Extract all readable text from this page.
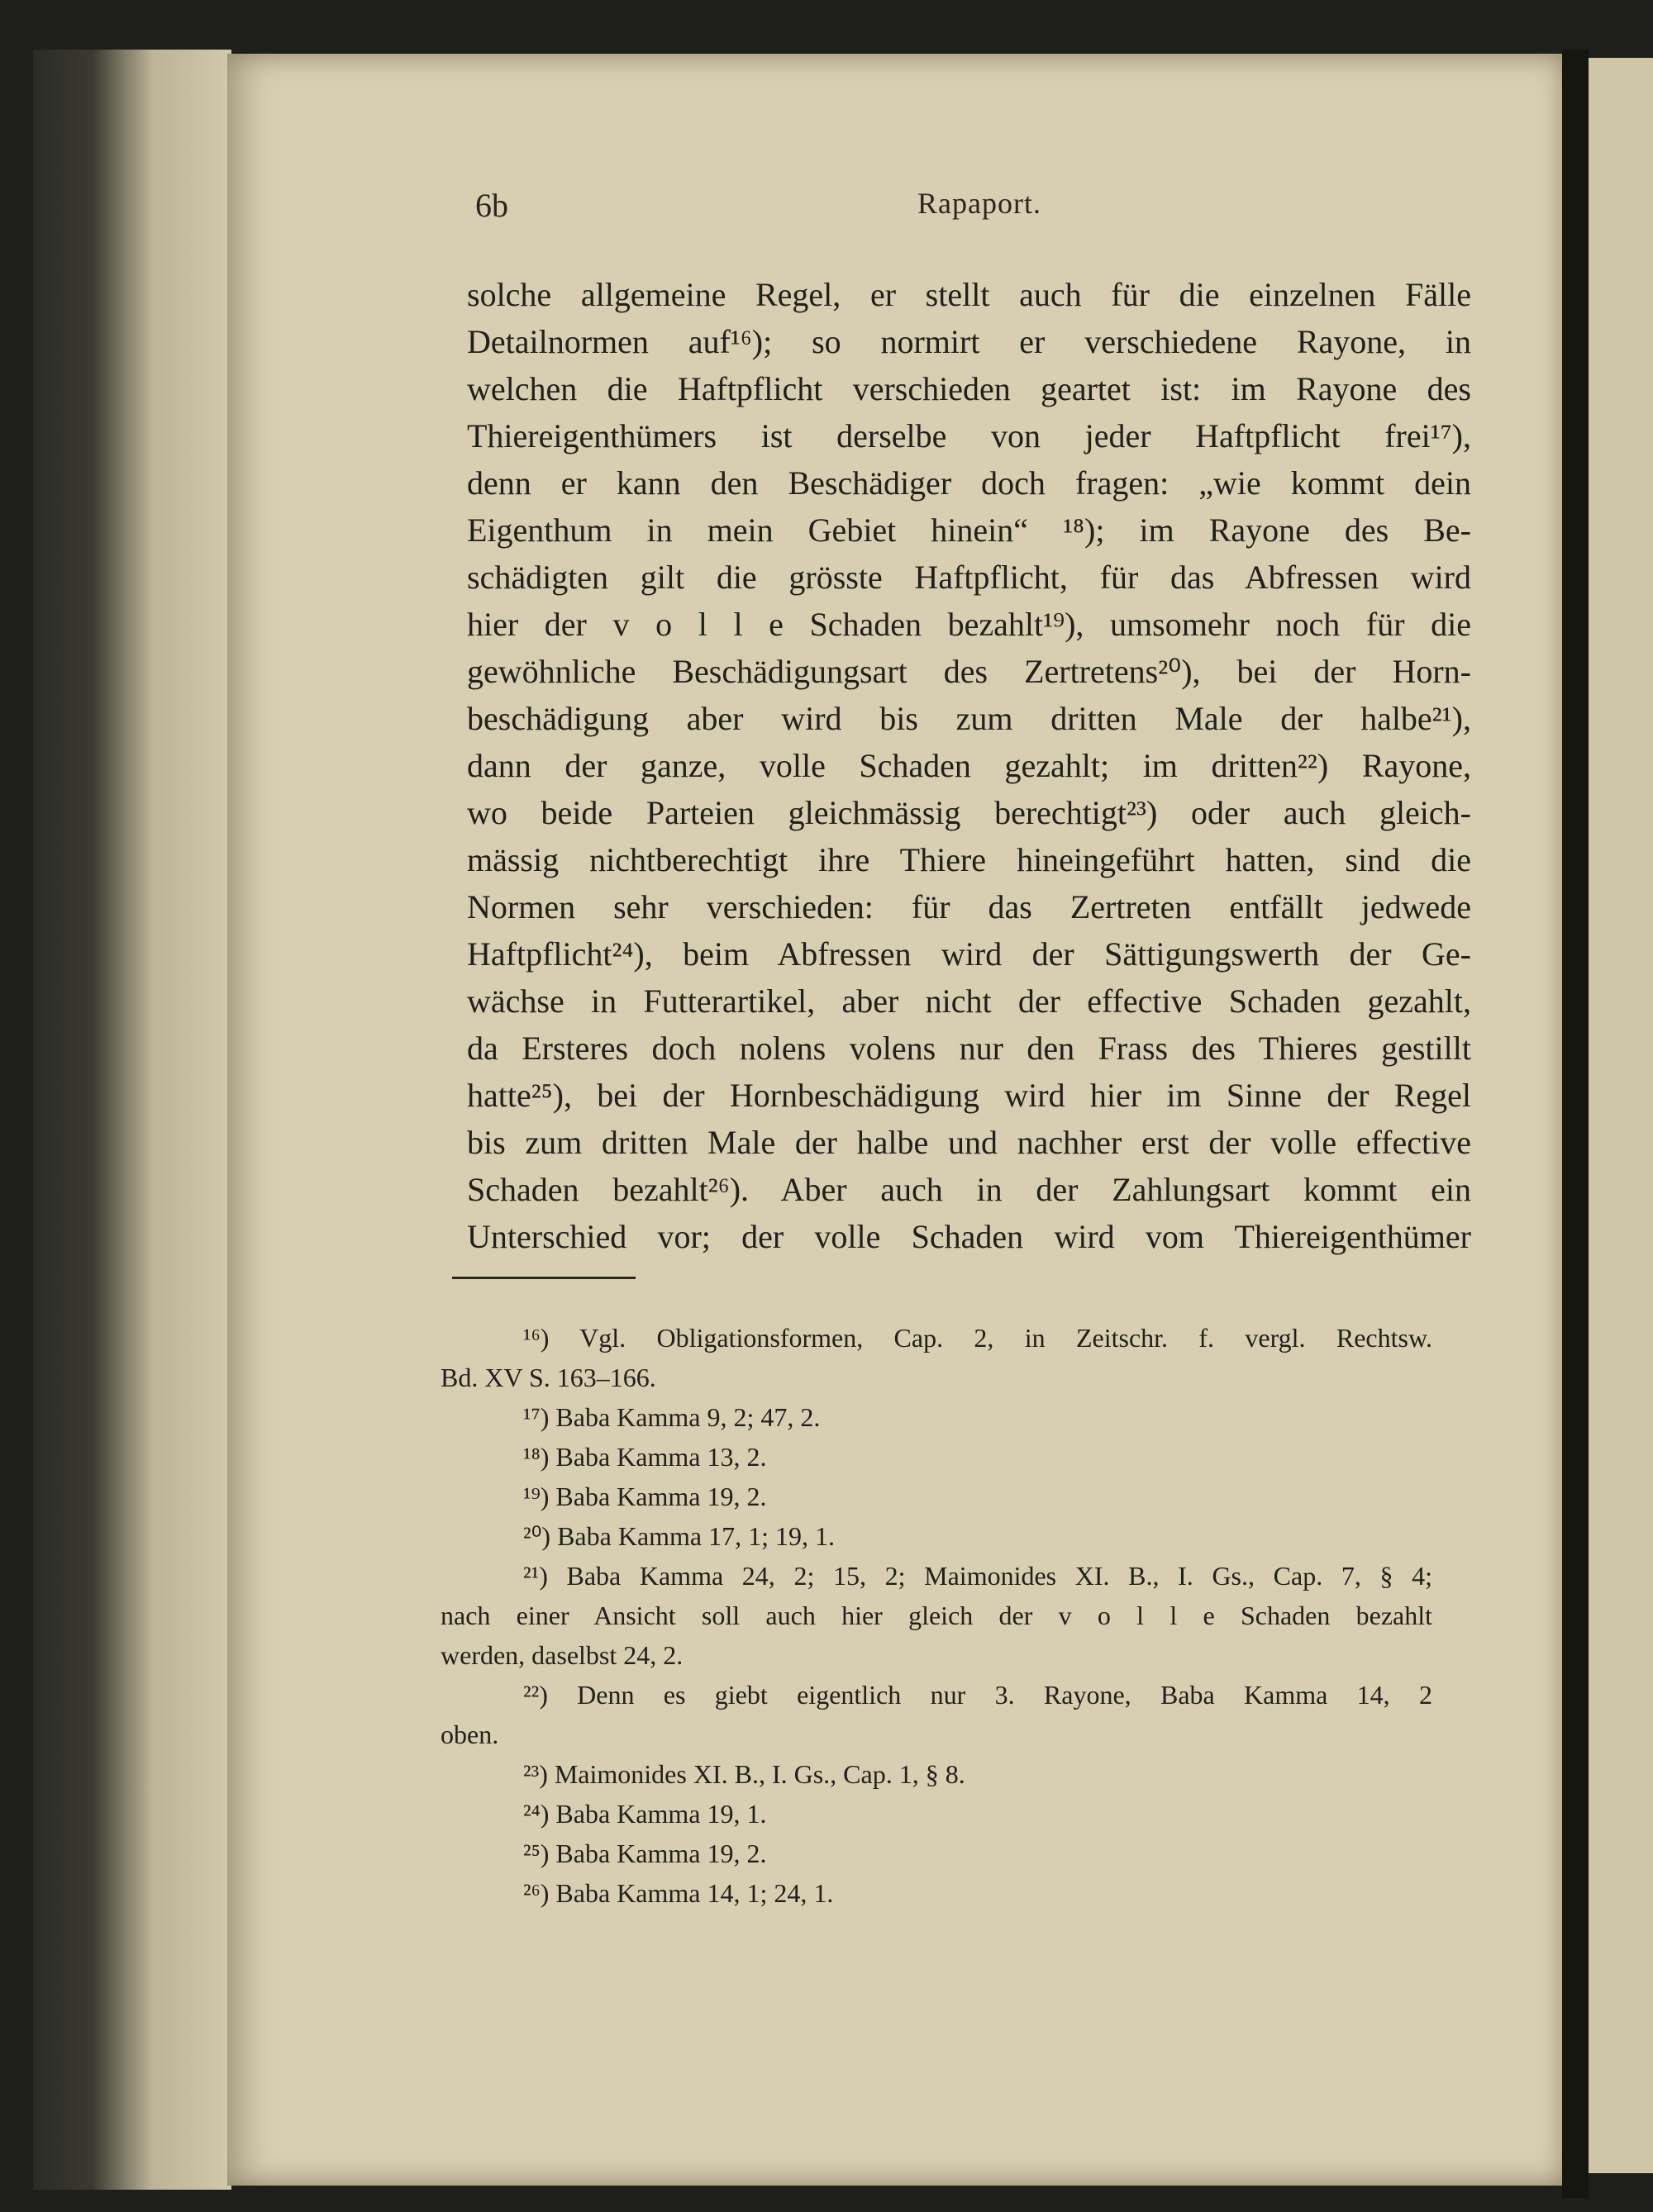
6b	Rapaport.
solche allgemeine Regel, er stellt auch für die einzelnen Fälle
Detailnormen auf¹⁶); so normirt er verschiedene Rayone, in
welchen die Haftpflicht verschieden geartet ist: im Rayone des
Thiereigenthümers ist derselbe von jeder Haftpflicht frei¹⁷),
denn er kann den Beschädiger doch fragen: „wie kommt dein
Eigenthum in mein Gebiet hinein“ ¹⁸); im Rayone des Be-
schädigten gilt die grösste Haftpflicht, für das Abfressen wird
hier der v o l l e Schaden bezahlt¹⁹), umsomehr noch für die
gewöhnliche Beschädigungsart des Zertretens²⁰), bei der Horn-
beschädigung aber wird bis zum dritten Male der halbe²¹),
dann der ganze, volle Schaden gezahlt; im dritten²²) Rayone,
wo beide Parteien gleichmässig berechtigt²³) oder auch gleich-
mässig nichtberechtigt ihre Thiere hineingeführt hatten, sind die
Normen sehr verschieden: für das Zertreten entfällt jedwede
Haftpflicht²⁴), beim Abfressen wird der Sättigungswerth der Ge-
wächse in Futterartikel, aber nicht der effective Schaden gezahlt,
da Ersteres doch nolens volens nur den Frass des Thieres gestillt
hatte²⁵), bei der Hornbeschädigung wird hier im Sinne der Regel
bis zum dritten Male der halbe und nachher erst der volle effective
Schaden bezahlt²⁶). Aber auch in der Zahlungsart kommt ein
Unterschied vor; der volle Schaden wird vom Thiereigenthümer
¹⁶) Vgl. Obligationsformen, Cap. 2, in Zeitschr. f. vergl. Rechtsw.
Bd. XV S. 163–166.
¹⁷) Baba Kamma 9, 2; 47, 2.
¹⁸) Baba Kamma 13, 2.
¹⁹) Baba Kamma 19, 2.
²⁰) Baba Kamma 17, 1; 19, 1.
²¹) Baba Kamma 24, 2; 15, 2; Maimonides XI. B., I. Gs., Cap. 7, § 4;
nach einer Ansicht soll auch hier gleich der v o l l e Schaden bezahlt
werden, daselbst 24, 2.
²²) Denn es giebt eigentlich nur 3. Rayone, Baba Kamma 14, 2
oben.
²³) Maimonides XI. B., I. Gs., Cap. 1, § 8.
²⁴) Baba Kamma 19, 1.
²⁵) Baba Kamma 19, 2.
²⁶) Baba Kamma 14, 1; 24, 1.
